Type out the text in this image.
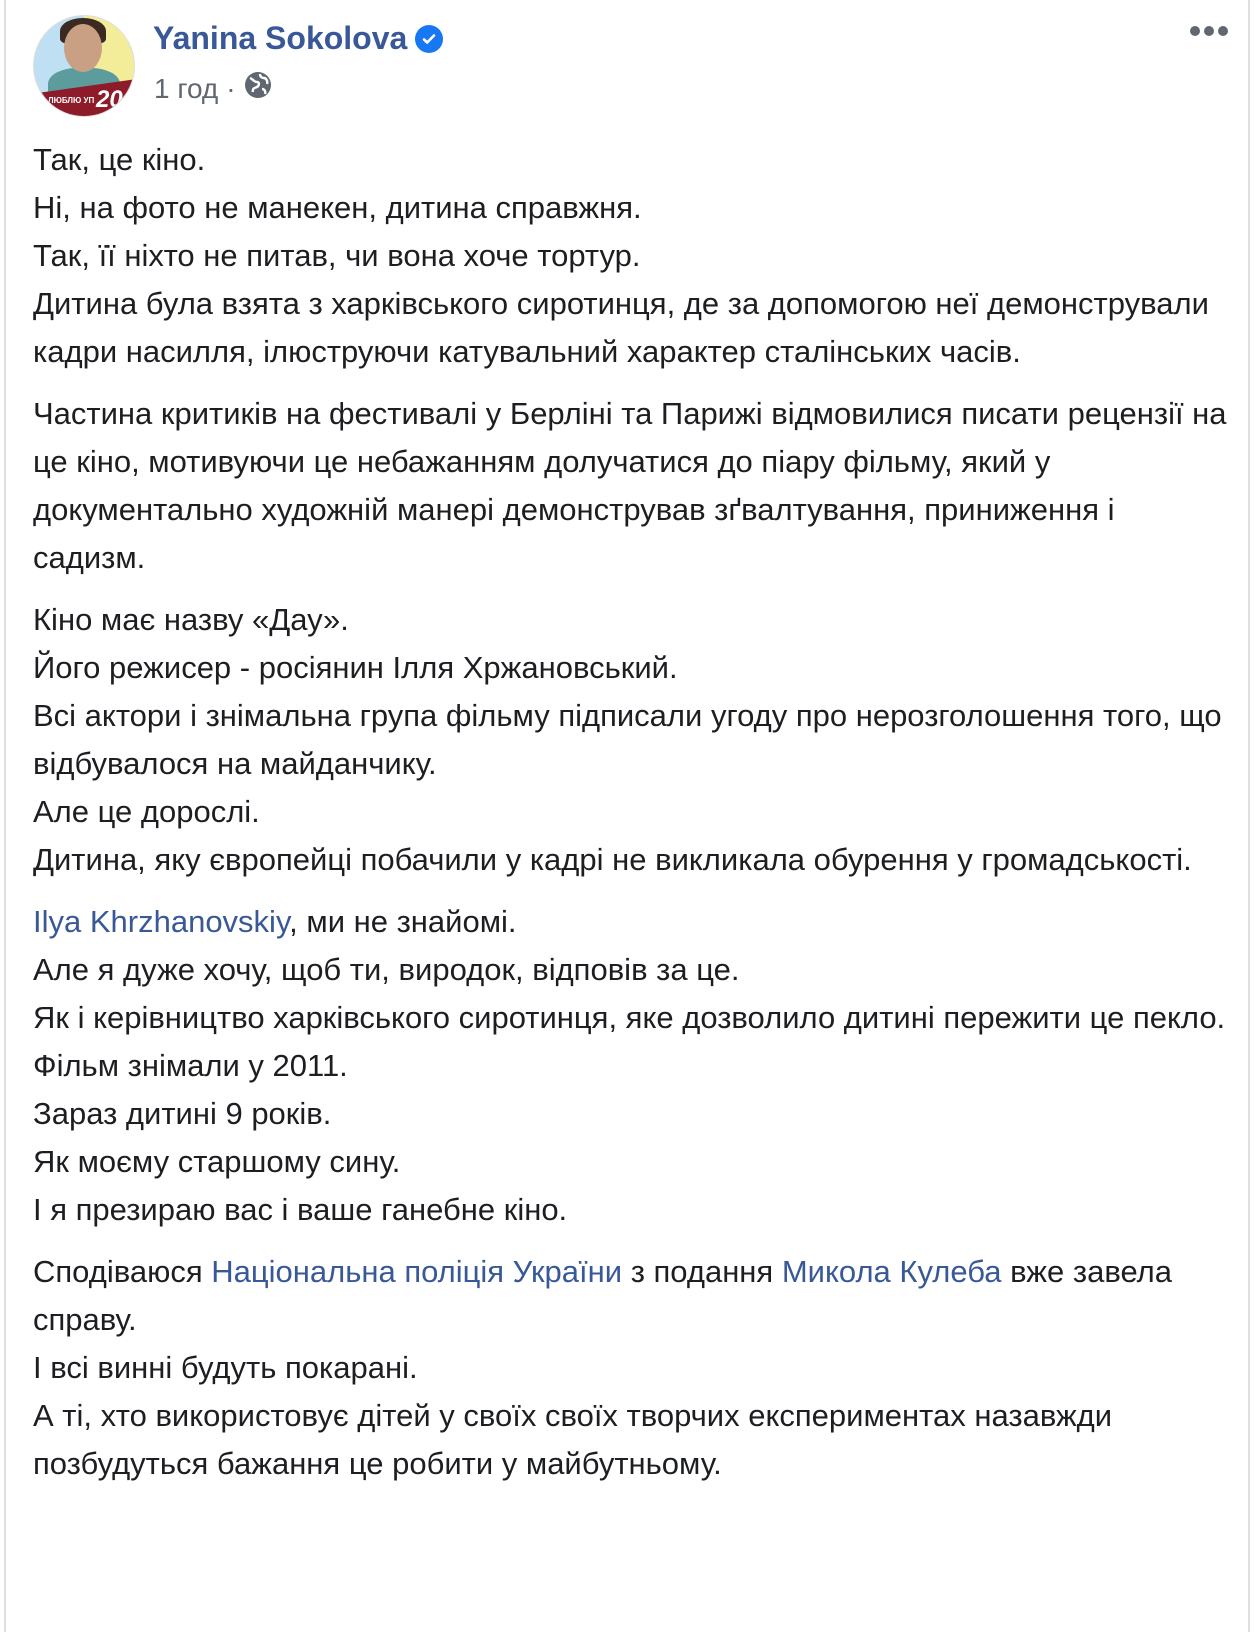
ЛЮБЛЮ УП 20
Yanina Sokolova
1 год ·
Так, це кіно.
Ні, на фото не манекен, дитина справжня.
Так, її ніхто не питав, чи вона хоче тортур.
Дитина була взята з харківського сиротинця, де за допомогою неї демонстрували кадри насилля, ілюструючи катувальний характер сталінських часів.
Частина критиків на фестивалі у Берліні та Парижі відмовилися писати рецензії на це кіно, мотивуючи це небажанням долучатися до піару фільму, який у документально художній манері демонстрував зґвалтування, приниження і садизм.
Кіно має назву «Дау».
Його режисер - росіянин Ілля Хржановський.
Всі актори і знімальна група фільму підписали угоду про нерозголошення того, що відбувалося на майданчику.
Але це дорослі.
Дитина, яку європейці побачили у кадрі не викликала обурення у громадськості.
Ilya Khrzhanovskiy, ми не знайомі.
Але я дуже хочу, щоб ти, виродок, відповів за це.
Як і керівництво харківського сиротинця, яке дозволило дитині пережити це пекло.
Фільм знімали у 2011.
Зараз дитині 9 років.
Як моєму старшому сину.
І я презираю вас і ваше ганебне кіно.
Сподіваюся Національна поліція України з подання Микола Кулеба вже завела справу.
І всі винні будуть покарані.
А ті, хто використовує дітей у своїх своїх творчих експериментах назавжди позбудуться бажання це робити у майбутньому.
